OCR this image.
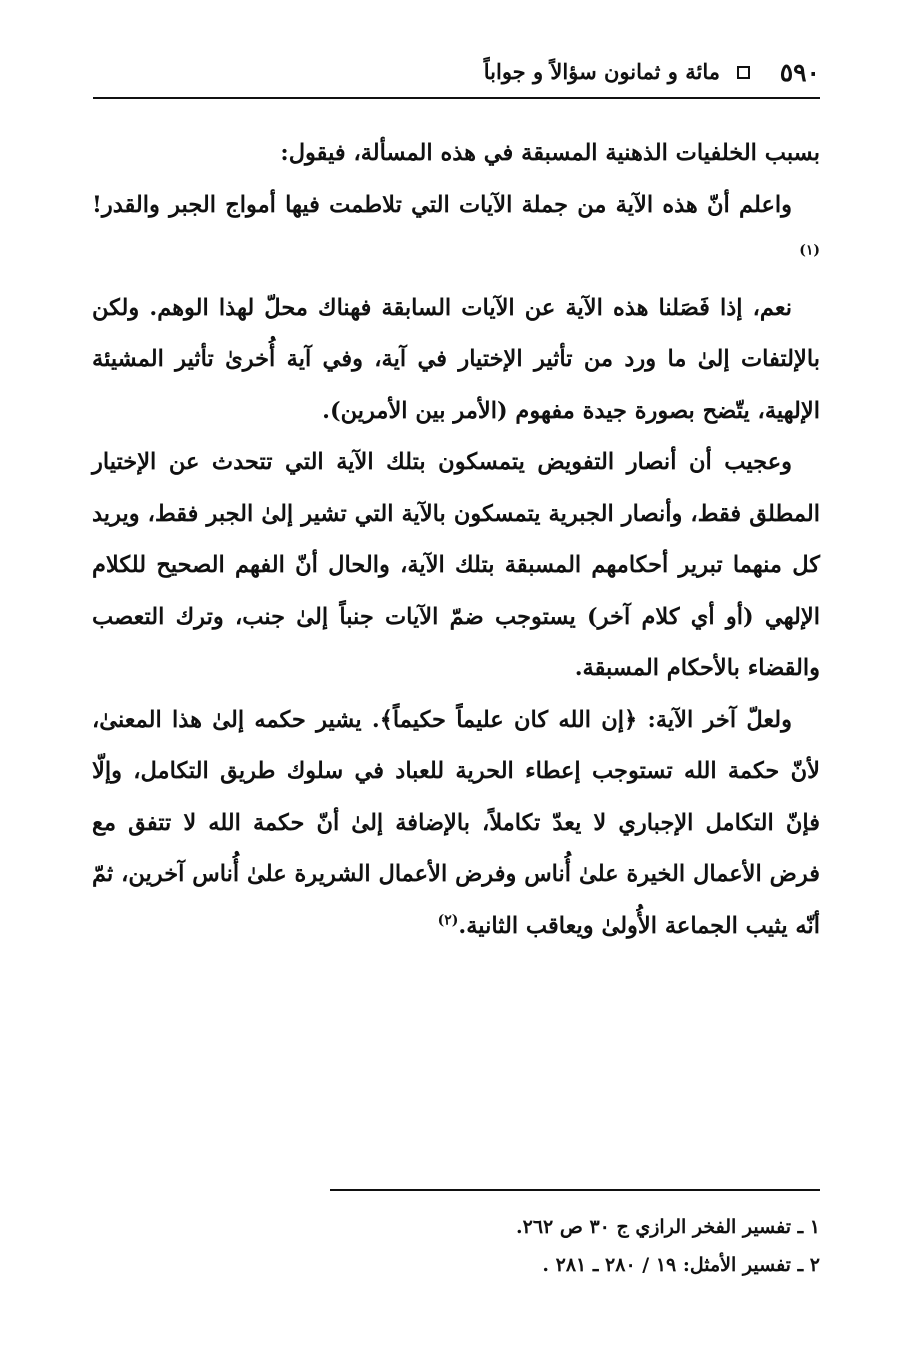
٥٩٠
مائة و ثمانون سؤالاً و جواباً

بسبب الخلفيات الذهنية المسبقة في هذه المسألة، فيقول:

واعلم أنّ هذه الآية من جملة الآيات التي تلاطمت فيها أمواج الجبر والقدر!$^{(١)}$

نعم، إذا فَصَلنا هذه الآية عن الآيات السابقة فهناك محلّ لهذا الوهم. ولكن بالإلتفات إلىٰ ما ورد من تأثير الإختيار في آية، وفي آية أُخرىٰ تأثير المشيئة الإلهية، يتّضح بصورة جيدة مفهوم (الأمر بين الأمرين).

وعجيب أن أنصار التفويض يتمسكون بتلك الآية التي تتحدث عن الإختيار المطلق فقط، وأنصار الجبرية يتمسكون بالآية التي تشير إلىٰ الجبر فقط، ويريد كل منهما تبرير أحكامهم المسبقة بتلك الآية، والحال أنّ الفهم الصحيح للكلام الإلهي (أو أي كلام آخر) يستوجب ضمّ الآيات جنباً إلىٰ جنب، وترك التعصب والقضاء بالأحكام المسبقة.

ولعلّ آخر الآية: ﴿إن الله كان عليماً حكيماً﴾. يشير حكمه إلىٰ هذا المعنىٰ، لأنّ حكمة الله تستوجب إعطاء الحرية للعباد في سلوك طريق التكامل، وإلّا فإنّ التكامل الإجباري لا يعدّ تكاملاً، بالإضافة إلىٰ أنّ حكمة الله لا تتفق مع فرض الأعمال الخيرة علىٰ أُناس وفرض الأعمال الشريرة علىٰ أُناس آخرين، ثمّ أنّه يثيب الجماعة الأُولىٰ ويعاقب الثانية.$^{(٢)}$

١ ـ تفسير الفخر الرازي ج ٣٠ ص ٢٦٢.
٢ ـ تفسير الأمثل: ١٩ / ٢٨٠ ـ ٢٨١ .
